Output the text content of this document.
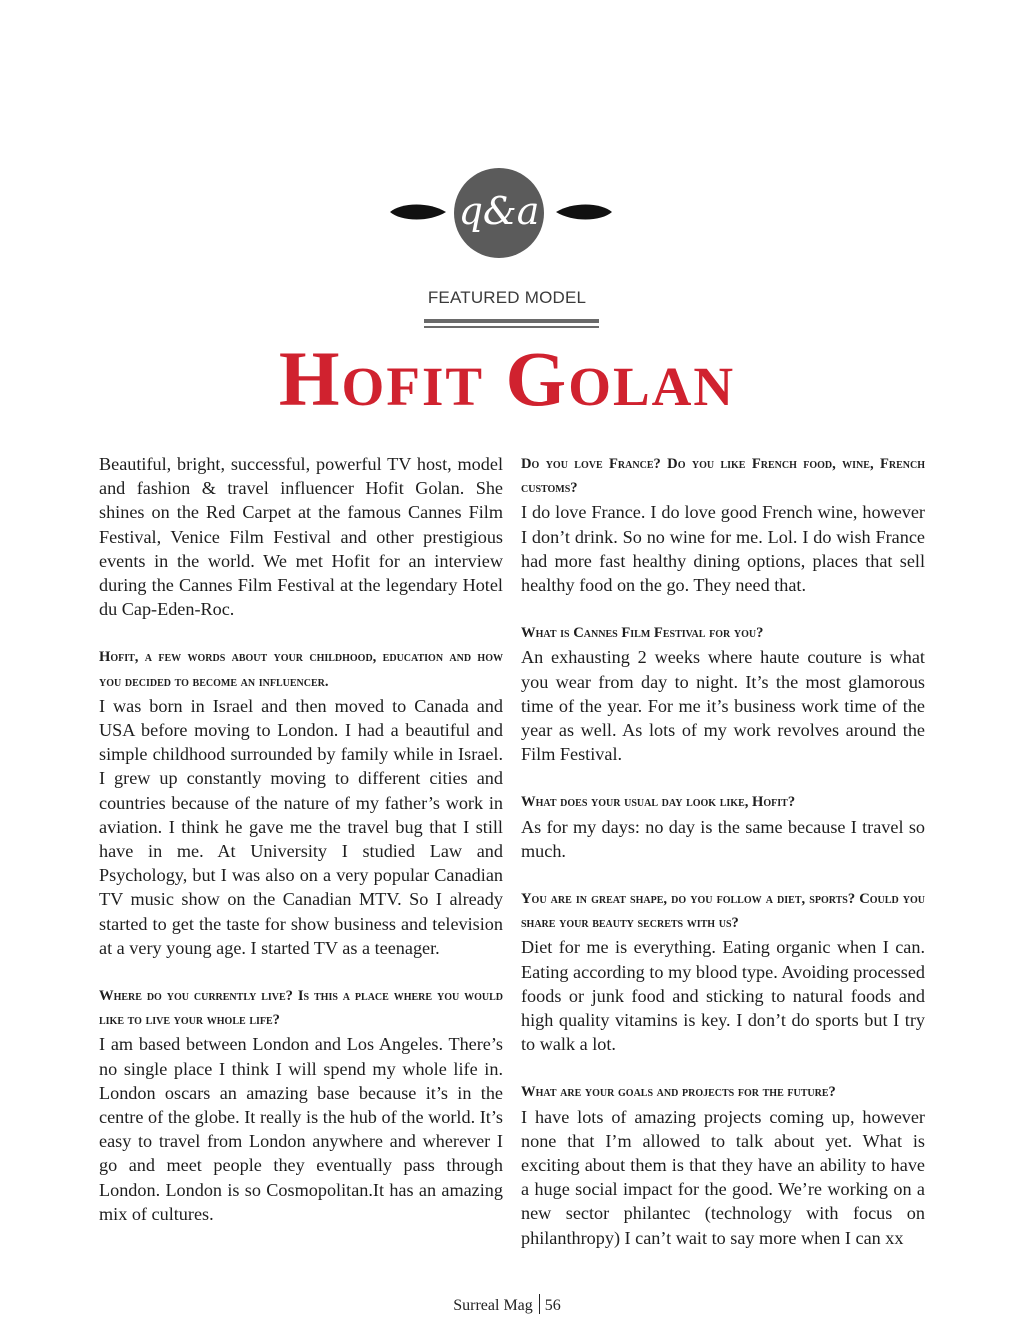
q&a
FEATURED MODEL
Hofit Golan

Beautiful, bright, successful, powerful TV host, model and fashion & travel influencer Hofit Golan. She shines on the Red Carpet at the famous Cannes Film Festival, Venice Film Festival and other prestigious events in the world. We met Hofit for an interview during the Cannes Film Festival at the legendary Hotel du Cap-Eden-Roc.

Hofit, a few words about your childhood, education and how you decided to become an influencer.

I was born in Israel and then moved to Canada and USA before moving to London. I had a beautiful and simple childhood surrounded by family while in Israel. I grew up constantly moving to different cities and countries because of the nature of my father’s work in aviation. I think he gave me the travel bug that I still have in me. At University I studied Law and Psychology, but I was also on a very popular Canadian TV music show on the Canadian MTV. So I already started to get the taste for show business and television at a very young age. I started TV as a teenager.

Where do you currently live? Is this a place where you would like to live your whole life?

I am based between London and Los Angeles. There’s no single place I think I will spend my whole life in. London oscars an amazing base because it’s in the centre of the globe. It really is the hub of the world. It’s easy to travel from London anywhere and wherever I go and meet people they eventually pass through London. London is so Cosmopolitan.It has an amazing mix of cultures.

Do you love France? Do you like French food, wine, French customs?

I do love France. I do love good French wine, however I don’t drink. So no wine for me. Lol. I do wish France had more fast healthy dining options, places that sell healthy food on the go. They need that.

What is Cannes Film Festival for you?

An exhausting 2 weeks where haute couture is what you wear from day to night. It’s the most glamorous time of the year. For me it’s business work time of the year as well. As lots of my work revolves around the Film Festival.

What does your usual day look like, Hofit?

As for my days: no day is the same because I travel so much.

You are in great shape, do you follow a diet, sports? Could you share your beauty secrets with us?

Diet for me is everything. Eating organic when I can. Eating according to my blood type. Avoiding processed foods or junk food and sticking to natural foods and high quality vitamins is key. I don’t do sports but I try to walk a lot.

What are your goals and projects for the future?

I have lots of amazing projects coming up, however none that I’m allowed to talk about yet. What is exciting about them is that they have an ability to have a huge social impact for the good. We’re working on a new sector philantec (technology with focus on philanthropy) I can’t wait to say more when I can xx

Surreal Mag 56
